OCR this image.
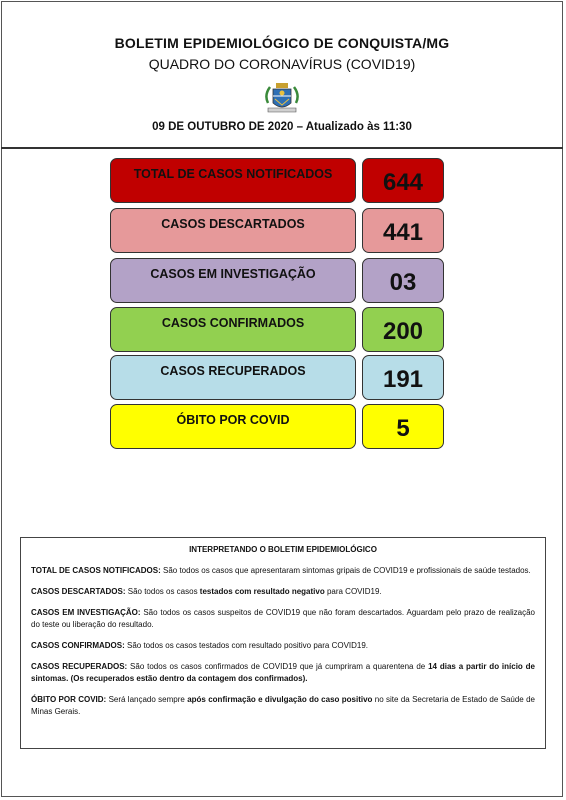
BOLETIM EPIDEMIOLÓGICO DE CONQUISTA/MG
QUADRO DO CORONAVÍRUS (COVID19)
09 DE OUTUBRO DE 2020 – Atualizado às 11:30
TOTAL DE CASOS NOTIFICADOS	644
CASOS DESCARTADOS	441
CASOS EM INVESTIGAÇÃO	03
CASOS CONFIRMADOS	200
CASOS RECUPERADOS	191
ÓBITO POR COVID	5
INTERPRETANDO O BOLETIM EPIDEMIOLÓGICO

TOTAL DE CASOS NOTIFICADOS: São todos os casos que apresentaram sintomas gripais de COVID19 e profissionais de saúde testados.

CASOS DESCARTADOS: São todos os casos testados com resultado negativo para COVID19.

CASOS EM INVESTIGAÇÃO: São todos os casos suspeitos de COVID19 que não foram descartados. Aguardam pelo prazo de realização do teste ou liberação do resultado.

CASOS CONFIRMADOS: São todos os casos testados com resultado positivo para COVID19.

CASOS RECUPERADOS: São todos os casos confirmados de COVID19 que já cumpriram a quarentena de 14 dias a partir do início de sintomas. (Os recuperados estão dentro da contagem dos confirmados).

ÓBITO POR COVID: Será lançado sempre após confirmação e divulgação do caso positivo no site da Secretaria de Estado de Saúde de Minas Gerais.
